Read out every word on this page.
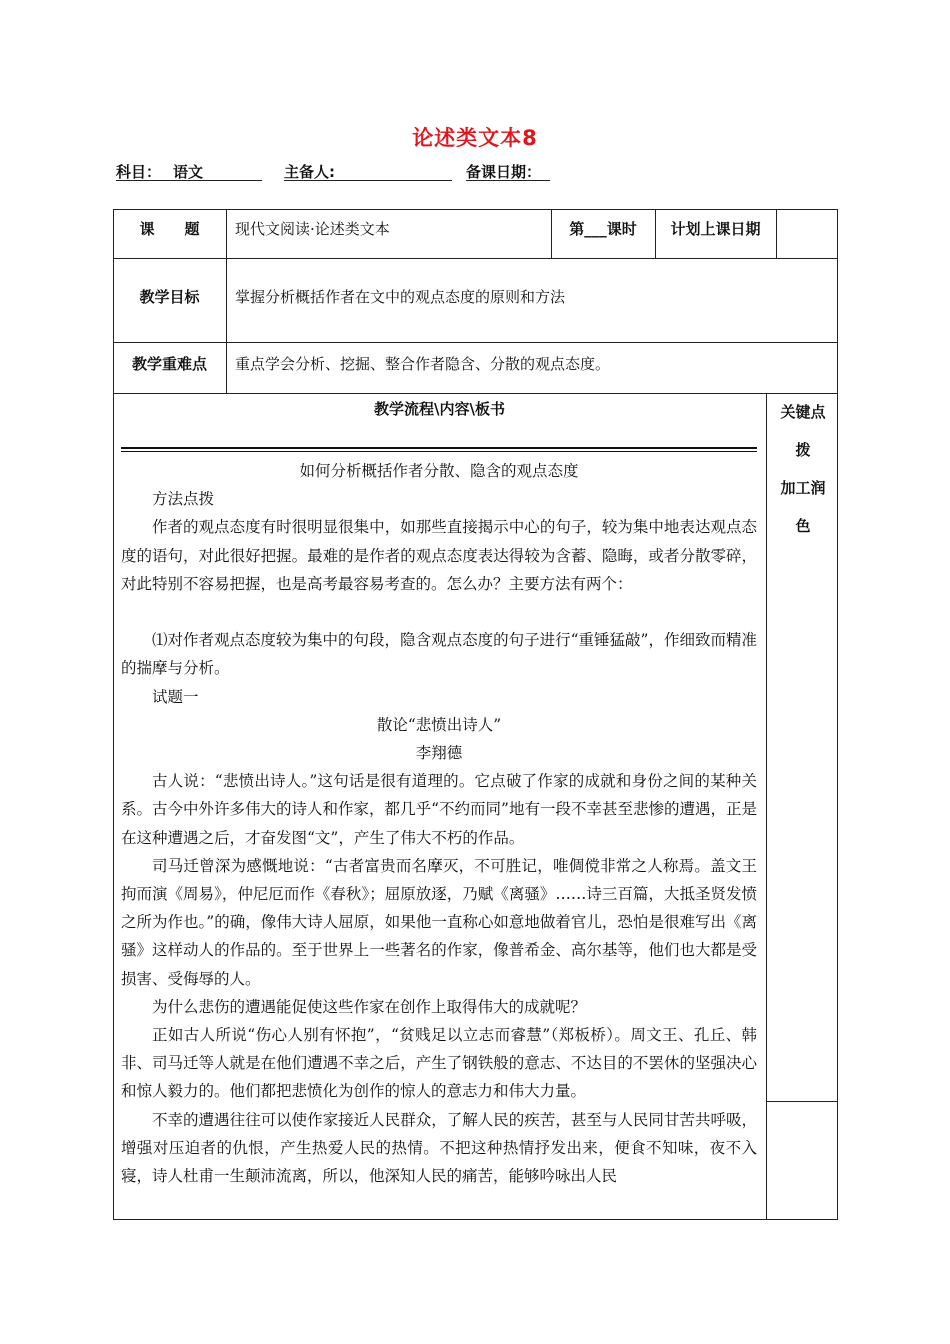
论述类文本8
科目： 语文	主备人:	备课日期：
课　　题	现代文阅读·论述类文本	第___课时	计划上课日期
教学目标	掌握分析概括作者在文中的观点态度的原则和方法
教学重难点	重点学会分析、挖掘、整合作者隐含、分散的观点态度。
教学流程\内容\板书	关键点
拨
加工润
色

如何分析概括作者分散、隐含的观点态度

方法点拨

作者的观点态度有时很明显很集中，如那些直接揭示中心的句子，较为集中地表达观点态度的语句，对此很好把握。最难的是作者的观点态度表达得较为含蓄、隐晦，或者分散零碎，对此特别不容易把握，也是高考最容易考查的。怎么办？主要方法有两个：

⑴对作者观点态度较为集中的句段，隐含观点态度的句子进行“重锤猛敲”，作细致而精准的揣摩与分析。

试题一

散论“悲愤出诗人”

李翔德

古人说：“悲愤出诗人。”这句话是很有道理的。它点破了作家的成就和身份之间的某种关系。古今中外许多伟大的诗人和作家，都几乎“不约而同”地有一段不幸甚至悲惨的遭遇，正是在这种遭遇之后，才奋发图“文”，产生了伟大不朽的作品。

司马迁曾深为感慨地说：“古者富贵而名摩灭，不可胜记，唯倜傥非常之人称焉。盖文王拘而演《周易》，仲尼厄而作《春秋》；屈原放逐，乃赋《离骚》……诗三百篇，大抵圣贤发愤之所为作也。”的确，像伟大诗人屈原，如果他一直称心如意地做着官儿，恐怕是很难写出《离骚》这样动人的作品的。至于世界上一些著名的作家，像普希金、高尔基等，他们也大都是受损害、受侮辱的人。

为什么悲伤的遭遇能促使这些作家在创作上取得伟大的成就呢？

正如古人所说“伤心人别有怀抱”，“贫贱足以立志而睿慧”（郑板桥）。周文王、孔丘、韩非、司马迁等人就是在他们遭遇不幸之后，产生了钢铁般的意志、不达目的不罢休的坚强决心和惊人毅力的。他们都把悲愤化为创作的惊人的意志力和伟大力量。

不幸的遭遇往往可以使作家接近人民群众，了解人民的疾苦，甚至与人民同甘苦共呼吸，增强对压迫者的仇恨，产生热爱人民的热情。不把这种热情抒发出来，便食不知味，夜不入寝，诗人杜甫一生颠沛流离，所以，他深知人民的痛苦，能够吟咏出人民
